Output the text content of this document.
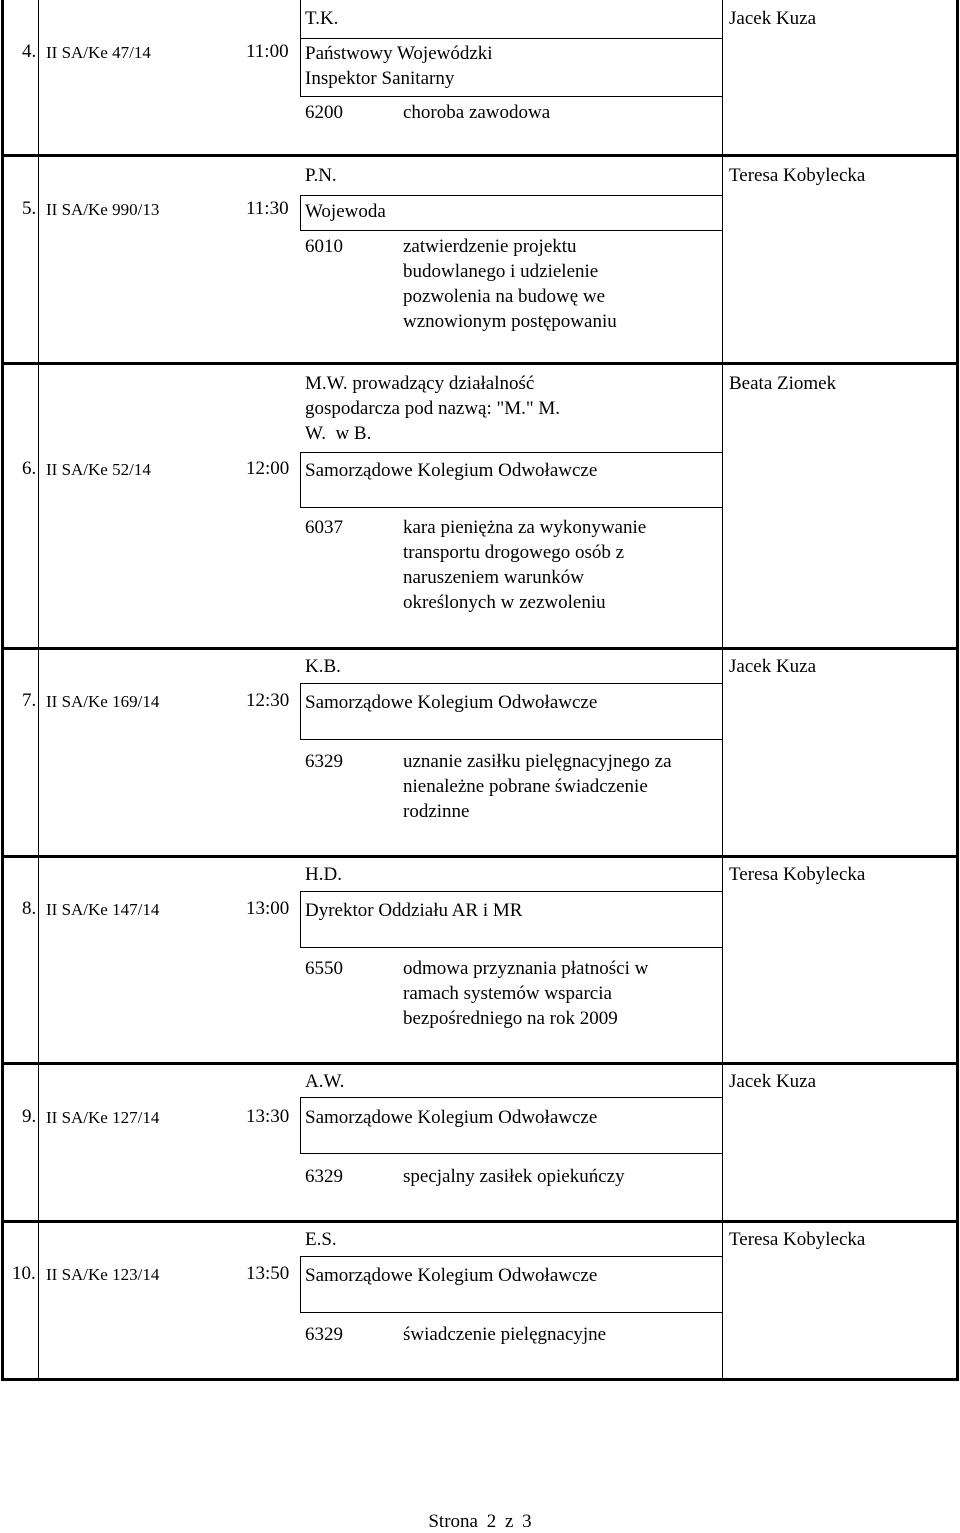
4. II SA/Ke 47/14	11:00
T.K.
Państwowy Wojewódzki
Inspektor Sanitarny
6200	choroba zawodowa
Jacek Kuza
5. II SA/Ke 990/13	11:30
P.N.
Wojewoda
6010	zatwierdzenie projektu
budowlanego i udzielenie
pozwolenia na budowę we
wznowionym postępowaniu
Teresa Kobylecka
6. II SA/Ke 52/14	12:00
M.W. prowadzący działalność
gospodarcza pod nazwą: "M." M.
W.  w B.
Samorządowe Kolegium Odwoławcze
6037	kara pieniężna za wykonywanie
transportu drogowego osób z
naruszeniem warunków
określonych w zezwoleniu
Beata Ziomek
7. II SA/Ke 169/14	12:30
K.B.
Samorządowe Kolegium Odwoławcze
6329	uznanie zasiłku pielęgnacyjnego za
nienależne pobrane świadczenie
rodzinne
Jacek Kuza
8. II SA/Ke 147/14	13:00
H.D.
Dyrektor Oddziału AR i MR
6550	odmowa przyznania płatności w
ramach systemów wsparcia
bezpośredniego na rok 2009
Teresa Kobylecka
9. II SA/Ke 127/14	13:30
A.W.
Samorządowe Kolegium Odwoławcze
6329	specjalny zasiłek opiekuńczy
Jacek Kuza
10. II SA/Ke 123/14	13:50
E.S.
Samorządowe Kolegium Odwoławcze
6329	świadczenie pielęgnacyjne
Teresa Kobylecka
Strona 2 z 3
